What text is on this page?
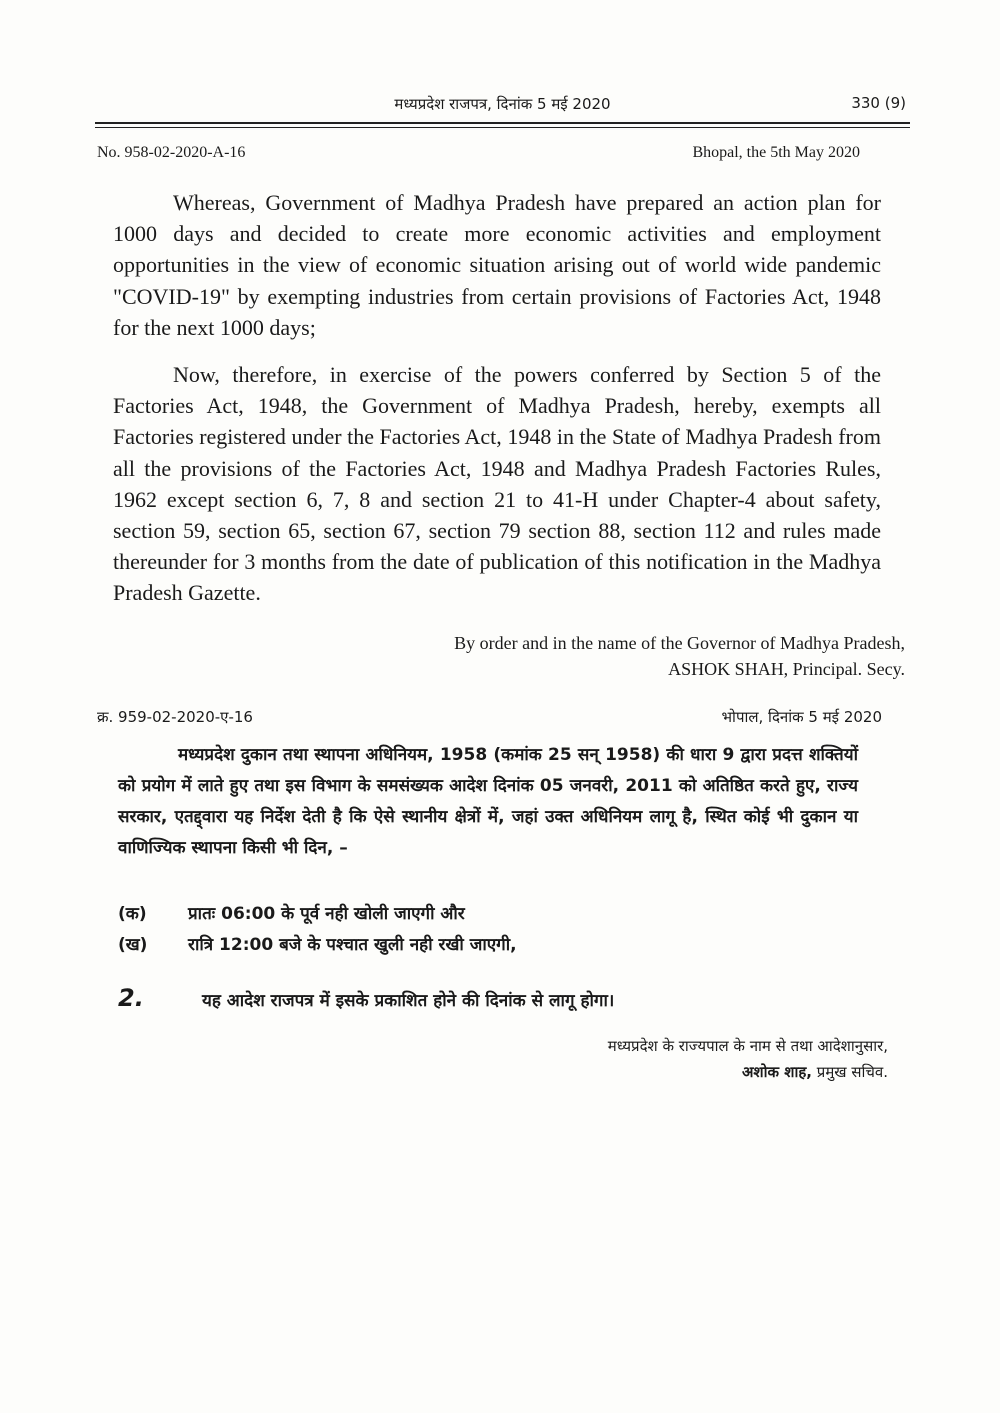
मध्यप्रदेश राजपत्र, दिनांक 5 मई 2020	330 (9)
No. 958-02-2020-A-16	Bhopal, the 5th May 2020

Whereas, Government of Madhya Pradesh have prepared an action plan for 1000 days and decided to create more economic activities and employment opportunities in the view of economic situation arising out of world wide pandemic "COVID-19" by exempting industries from certain provisions of Factories Act, 1948 for the next 1000 days;

Now, therefore, in exercise of the powers conferred by Section 5 of the Factories Act, 1948, the Government of Madhya Pradesh, hereby, exempts all Factories registered under the Factories Act, 1948 in the State of Madhya Pradesh from all the provisions of the Factories Act, 1948 and Madhya Pradesh Factories Rules, 1962 except section 6, 7, 8 and section 21 to 41-H under Chapter-4 about safety, section 59, section 65, section 67, section 79 section 88, section 112 and rules made thereunder for 3 months from the date of publication of this notification in the Madhya Pradesh Gazette.

By order and in the name of the Governor of Madhya Pradesh,
ASHOK SHAH, Principal. Secy.
क्र. 959-02-2020-ए-16	भोपाल, दिनांक 5 मई 2020

मध्यप्रदेश दुकान तथा स्थापना अधिनियम, 1958 (कमांक 25 सन् 1958) की धारा 9 द्वारा प्रदत्त शक्तियों को प्रयोग में लाते हुए तथा इस विभाग के समसंख्यक आदेश दिनांक 05 जनवरी, 2011 को अतिष्ठित करते हुए, राज्य सरकार, एतद्द्वारा यह निर्देश देती है कि ऐसे स्थानीय क्षेत्रों में, जहां उक्त अधिनियम लागू है, स्थित कोई भी दुकान या वाणिज्यिक स्थापना किसी भी दिन, –

(क) प्रातः 06:00 के पूर्व नही खोली जाएगी और
(ख) रात्रि 12:00 बजे के पश्चात खुली नही रखी जाएगी,
2.	यह आदेश राजपत्र में इसके प्रकाशित होने की दिनांक से लागू होगा।
मध्यप्रदेश के राज्यपाल के नाम से तथा आदेशानुसार,
अशोक शाह, प्रमुख सचिव.
